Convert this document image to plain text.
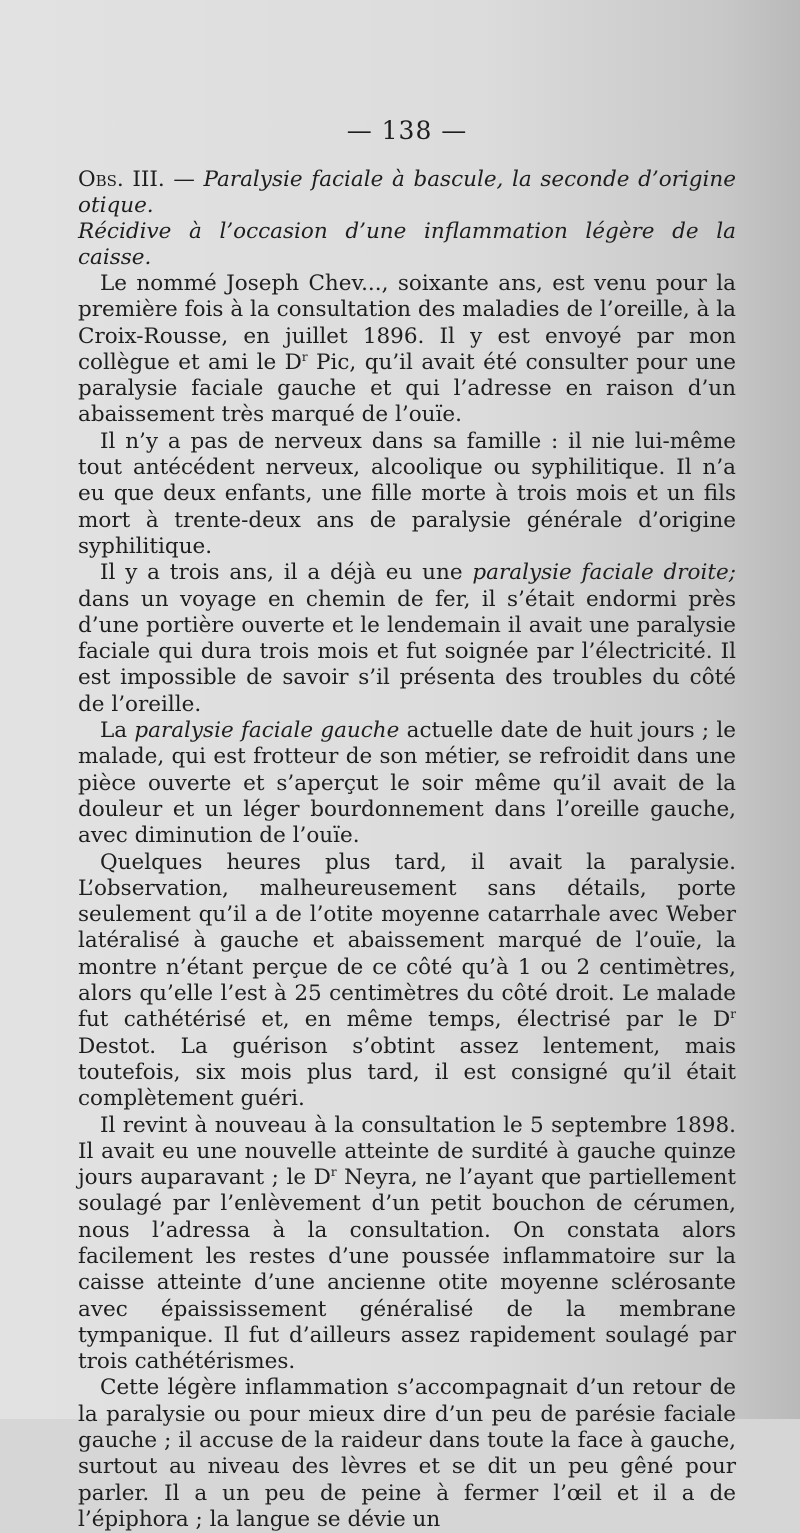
— 138 —

Obs. III. — Paralysie faciale à bascule, la seconde d’origine otique.
Récidive à l’occasion d’une inflammation légère de la caisse.

Le nommé Joseph Chev..., soixante ans, est venu pour la première fois à la consultation des maladies de l’oreille, à la Croix-Rousse, en juillet 1896. Il y est envoyé par mon collègue et ami le $D^r$ Pic, qu’il avait été consulter pour une paralysie faciale gauche et qui l’adresse en raison d’un abaissement très marqué de l’ouïe.

Il n’y a pas de nerveux dans sa famille : il nie lui-même tout antécédent nerveux, alcoolique ou syphilitique. Il n’a eu que deux enfants, une fille morte à trois mois et un fils mort à trente-deux ans de paralysie générale d’origine syphilitique.

Il y a trois ans, il a déjà eu une paralysie faciale droite; dans un voyage en chemin de fer, il s’était endormi près d’une portière ouverte et le lendemain il avait une paralysie faciale qui dura trois mois et fut soignée par l’électricité. Il est impossible de savoir s’il présenta des troubles du côté de l’oreille.

La paralysie faciale gauche actuelle date de huit jours ; le malade, qui est frotteur de son métier, se refroidit dans une pièce ouverte et s’aperçut le soir même qu’il avait de la douleur et un léger bourdonnement dans l’oreille gauche, avec diminution de l’ouïe.

Quelques heures plus tard, il avait la paralysie. L’observation, malheureusement sans détails, porte seulement qu’il a de l’otite moyenne catarrhale avec Weber latéralisé à gauche et abaissement marqué de l’ouïe, la montre n’étant perçue de ce côté qu’à 1 ou 2 centimètres, alors qu’elle l’est à 25 centimètres du côté droit. Le malade fut cathétérisé et, en même temps, électrisé par le $D^r$ Destot. La guérison s’obtint assez lentement, mais toutefois, six mois plus tard, il est consigné qu’il était complètement guéri.

Il revint à nouveau à la consultation le 5 septembre 1898. Il avait eu une nouvelle atteinte de surdité à gauche quinze jours auparavant ; le $D^r$ Neyra, ne l’ayant que partiellement soulagé par l’enlèvement d’un petit bouchon de cérumen, nous l’adressa à la consultation. On constata alors facilement les restes d’une poussée inflammatoire sur la caisse atteinte d’une ancienne otite moyenne sclérosante avec épaississement généralisé de la membrane tympanique. Il fut d’ailleurs assez rapidement soulagé par trois cathétérismes.

Cette légère inflammation s’accompagnait d’un retour de la paralysie ou pour mieux dire d’un peu de parésie faciale gauche ; il accuse de la raideur dans toute la face à gauche, surtout au niveau des lèvres et se dit un peu gêné pour parler. Il a un peu de peine à fermer l’œil et il a de l’épiphora ; la langue se dévie un
